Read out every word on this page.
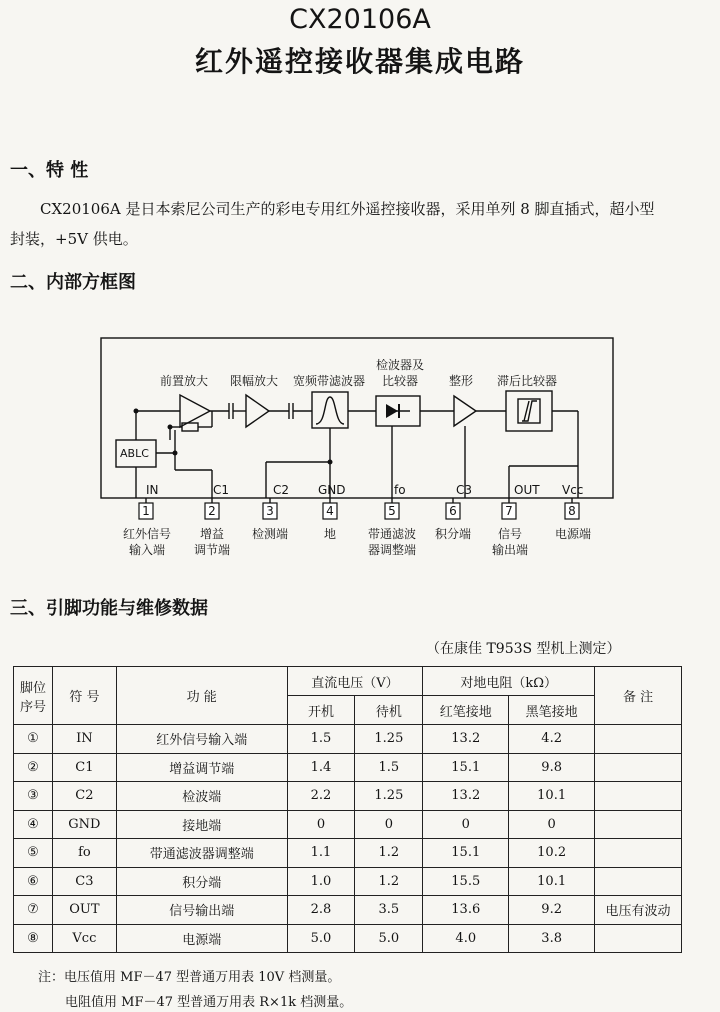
CX20106A
红外遥控接收器集成电路
一、特 性
CX20106A 是日本索尼公司生产的彩电专用红外遥控接收器，采用单列 8 脚直插式，超小型
封装，+5V 供电。
二、内部方框图
前置放大 限幅放大 宽频带滤波器
检波器及
比较器	整形 滞后比较器
ABLC
IN	C1	C2 GND	fo	C3	OUT Vcc
1	2	3	4	5	6	7	8
红外信号
输入端
增益
调节端
检测端	地	带通滤波
器调整端
积分端	信号
输出端
电源端
三、引脚功能与维修数据
（在康佳 T953S 型机上测定）
脚位
序号	符 号	功 能	直流电压（V）		对地电阻（kΩ）		备 注
			开机	待机	红笔接地	黑笔接地	
①	IN	红外信号输入端	1.5	1.25	13.2	4.2	
②	C1	增益调节端	1.4	1.5	15.1	9.8	
③	C2	检波端	2.2	1.25	13.2	10.1	
④	GND	接地端	0	0	0	0	
⑤	fo	带通滤波器调整端	1.1	1.2	15.1	10.2	
⑥	C3	积分端	1.0	1.2	15.5	10.1	
⑦	OUT	信号输出端	2.8	3.5	13.6	9.2	电压有波动
⑧	Vcc	电源端	5.0	5.0	4.0	3.8	
注：电压值用 MF－47 型普通万用表 10V 档测量。
电阻值用 MF－47 型普通万用表 R×1k 档测量。
